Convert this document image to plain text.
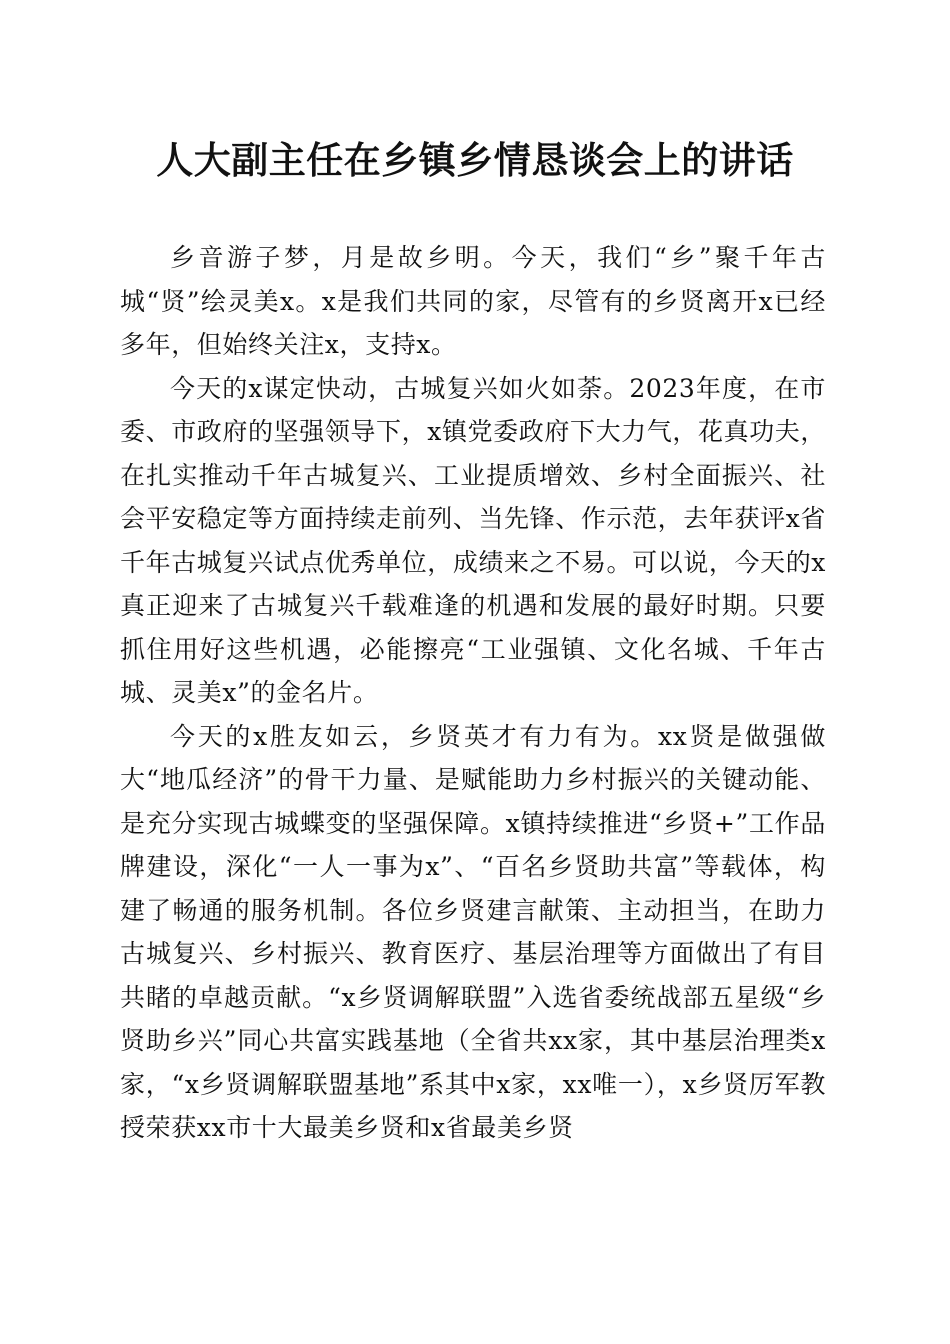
人大副主任在乡镇乡情恳谈会上的讲话

乡音游子梦，月是故乡明。今天，我们“乡”聚千年古城“贤”绘灵美x。x是我们共同的家，尽管有的乡贤离开x已经多年，但始终关注x，支持x。

今天的x谋定快动，古城复兴如火如荼。2023年度，在市委、市政府的坚强领导下，x镇党委政府下大力气，花真功夫，在扎实推动千年古城复兴、工业提质增效、乡村全面振兴、社会平安稳定等方面持续走前列、当先锋、作示范，去年获评x省千年古城复兴试点优秀单位，成绩来之不易。可以说，今天的x真正迎来了古城复兴千载难逢的机遇和发展的最好时期。只要抓住用好这些机遇，必能擦亮“工业强镇、文化名城、千年古城、灵美x”的金名片。

今天的x胜友如云，乡贤英才有力有为。xx贤是做强做大“地瓜经济”的骨干力量、是赋能助力乡村振兴的关键动能、是充分实现古城蝶变的坚强保障。x镇持续推进“乡贤+”工作品牌建设，深化“一人一事为x”、“百名乡贤助共富”等载体，构建了畅通的服务机制。各位乡贤建言献策、主动担当，在助力古城复兴、乡村振兴、教育医疗、基层治理等方面做出了有目共睹的卓越贡献。“x乡贤调解联盟”入选省委统战部五星级“乡贤助乡兴”同心共富实践基地（全省共xx家，其中基层治理类x家，“x乡贤调解联盟基地”系其中x家，xx唯一），x乡贤厉军教授荣获xx市十大最美乡贤和x省最美乡贤
